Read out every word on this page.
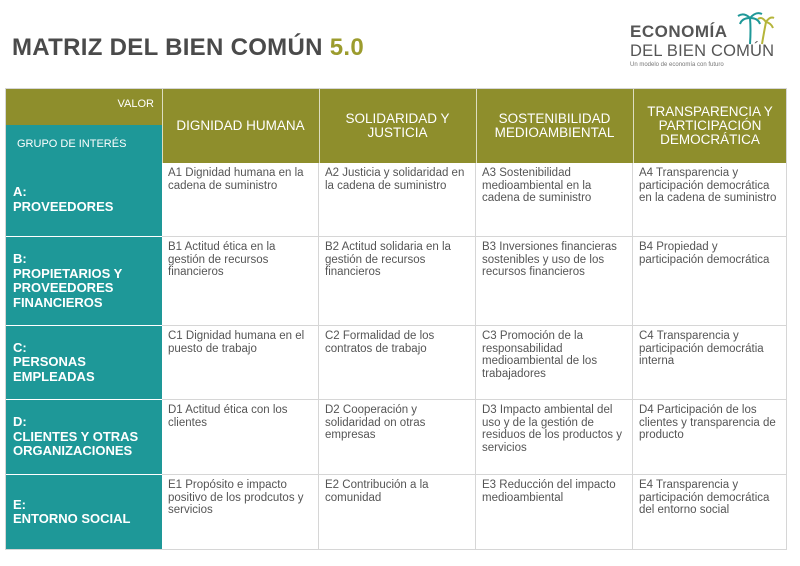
MATRIZ DEL BIEN COMÚN 5.0
ECONOMÍA
DEL BIEN COMÚN
Un modelo de economía con futuro
VALOR
GRUPO DE INTERÉS
DIGNIDAD HUMANA	SOLIDARIDAD Y JUSTICIA
SOSTENIBILIDAD MEDIOAMBIENTAL
TRANSPARENCIA Y PARTICIPACIÓN DEMOCRÁTICA
A:
PROVEEDORES
A1 Dignidad humana en la cadena de suministro
A2 Justicia y solidaridad en la cadena de suministro
A3 Sostenibilidad medioambiental en la cadena de suministro
A4 Transparencia y participación democrática en la cadena de suministro
B:
PROPIETARIOS Y PROVEEDORES FINANCIEROS
B1 Actitud ética en la gestión de recursos financieros
B2 Actitud solidaria en la gestión de recursos financieros
B3 Inversiones financieras sostenibles y uso de los recursos financieros
B4 Propiedad y participación democrática
C:
PERSONAS EMPLEADAS
C1 Dignidad humana en el puesto de trabajo
C2 Formalidad de los contratos de trabajo
C3 Promoción de la responsabilidad medioambiental de los trabajadores
C4 Transparencia y participación democrátia interna
D:
CLIENTES Y OTRAS ORGANIZACIONES
D1 Actitud ética con los clientes
D2 Cooperación y solidaridad on otras empresas
D3 Impacto ambiental del uso y de la gestión de residuos de los productos y servicios
D4 Participación de los clientes y transparencia de producto
E:
ENTORNO SOCIAL
E1 Propósito e impacto positivo de los prodcutos y servicios
E2 Contribución a la comunidad
E3 Reducción del impacto medioambiental
E4 Transparencia y participación democrática del entorno social
